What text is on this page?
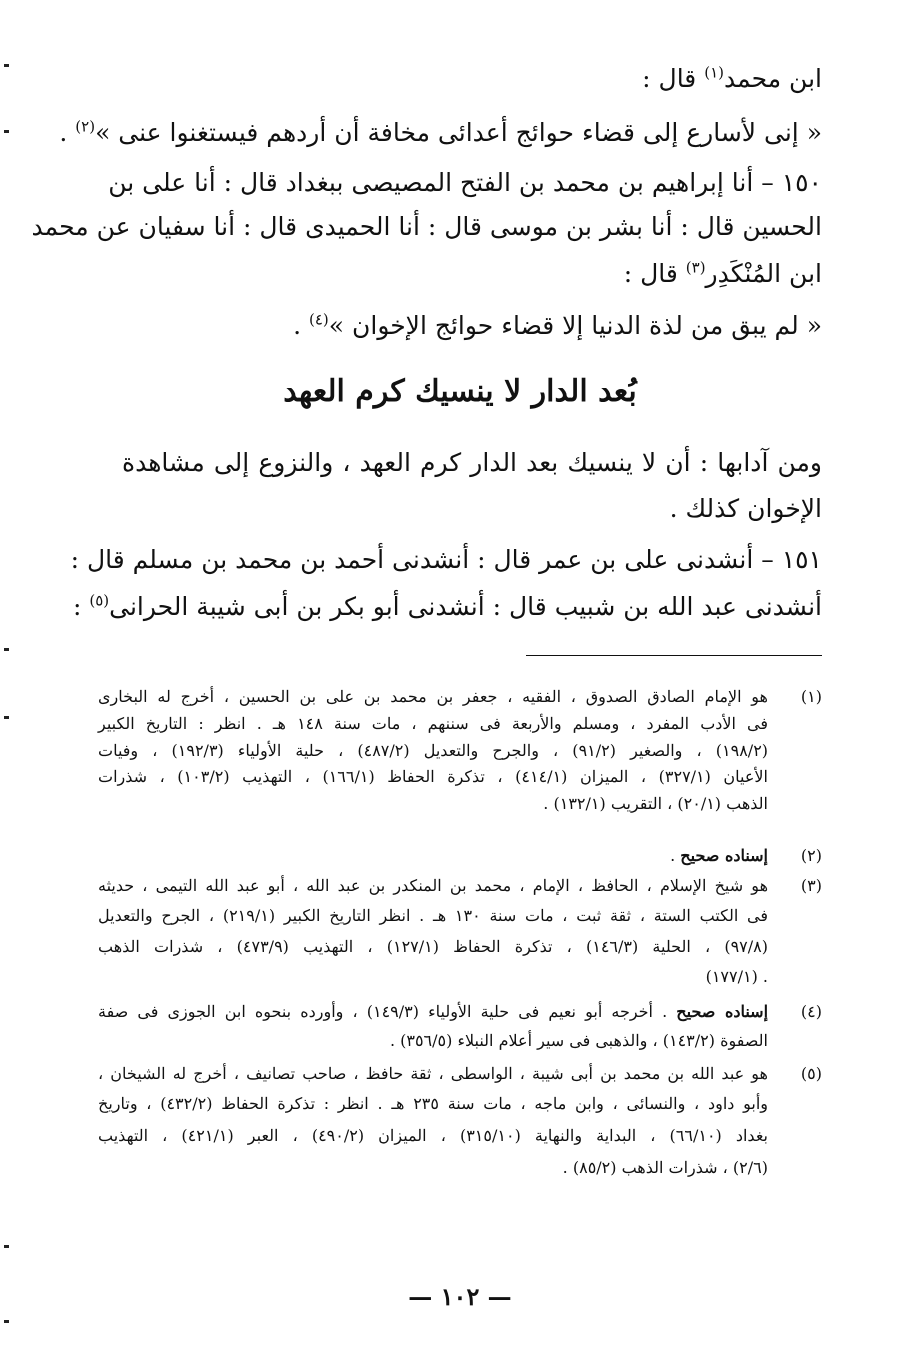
ابن محمد$^{(١)}$ قال :
« إنى لأسارع إلى قضاء حوائج أعدائى مخافة أن أردهم فيستغنوا عنى »$^{(٢)}$ .
١٥٠ – أنا إبراهيم بن محمد بن الفتح المصيصى ببغداد قال : أنا على بن
الحسين قال : أنا بشر بن موسى قال : أنا الحميدى قال : أنا سفيان عن محمد
ابن المُنْكَدِر$^{(٣)}$ قال :
« لم يبق من لذة الدنيا إلا قضاء حوائج الإخوان »$^{(٤)}$ .
بُعد الدار لا ينسيك كرم العهد
ومن آدابها : أن لا ينسيك بعد الدار كرم العهد ، والنزوع إلى مشاهدة
الإخوان كذلك .
١٥١ – أنشدنى على بن عمر قال : أنشدنى أحمد بن محمد بن مسلم قال :
أنشدنى عبد الله بن شبيب قال : أنشدنى أبو بكر بن أبى شيبة الحرانى$^{(٥)}$ :
(١)
هو الإمام الصادق الصدوق ، الفقيه ، جعفر بن محمد بن على بن الحسين ، أخرج له البخارى
فى الأدب المفرد ، ومسلم والأربعة فى سننهم ، مات سنة ١٤٨ هـ . انظر : التاريخ الكبير
(١٩٨/٢) ، والصغير (٩١/٢) ، والجرح والتعديل (٤٨٧/٢) ، حلية الأولياء (١٩٢/٣) ، وفيات
الأعيان (٣٢٧/١) ، الميزان (٤١٤/١) ، تذكرة الحفاظ (١٦٦/١) ، التهذيب (١٠٣/٢) ، شذرات
الذهب (٢٠/١) ، التقريب (١٣٢/١) .
(٢)
إسناده صحيح .
(٣)
هو شيخ الإسلام ، الحافظ ، الإمام ، محمد بن المنكدر بن عبد الله ، أبو عبد الله التيمى ، حديثه
فى الكتب الستة ، ثقة ثبت ، مات سنة ١٣٠ هـ . انظر التاريخ الكبير (٢١٩/١) ، الجرح والتعديل
(٩٧/٨) ، الحلية (١٤٦/٣) ، تذكرة الحفاظ (١٢٧/١) ، التهذيب (٤٧٣/٩) ، شذرات الذهب
. (١٧٧/١)
(٤)
إسناده صحيح . أخرجه أبو نعيم فى حلية الأولياء (١٤٩/٣) ، وأورده بنحوه ابن الجوزى فى صفة
الصفوة (١٤٣/٢) ، والذهبى فى سير أعلام النبلاء (٣٥٦/٥) .
(٥)
هو عبد الله بن محمد بن أبى شيبة ، الواسطى ، ثقة حافظ ، صاحب تصانيف ، أخرج له الشيخان ،
وأبو داود ، والنسائى ، وابن ماجه ، مات سنة ٢٣٥ هـ . انظر : تذكرة الحفاظ (٤٣٢/٢) ، وتاريخ
بغداد (٦٦/١٠) ، البداية والنهاية (٣١٥/١٠) ، الميزان (٤٩٠/٢) ، العبر (٤٢١/١) ، التهذيب
(٢/٦) ، شذرات الذهب (٨٥/٢) .
— ١٠٢ —
